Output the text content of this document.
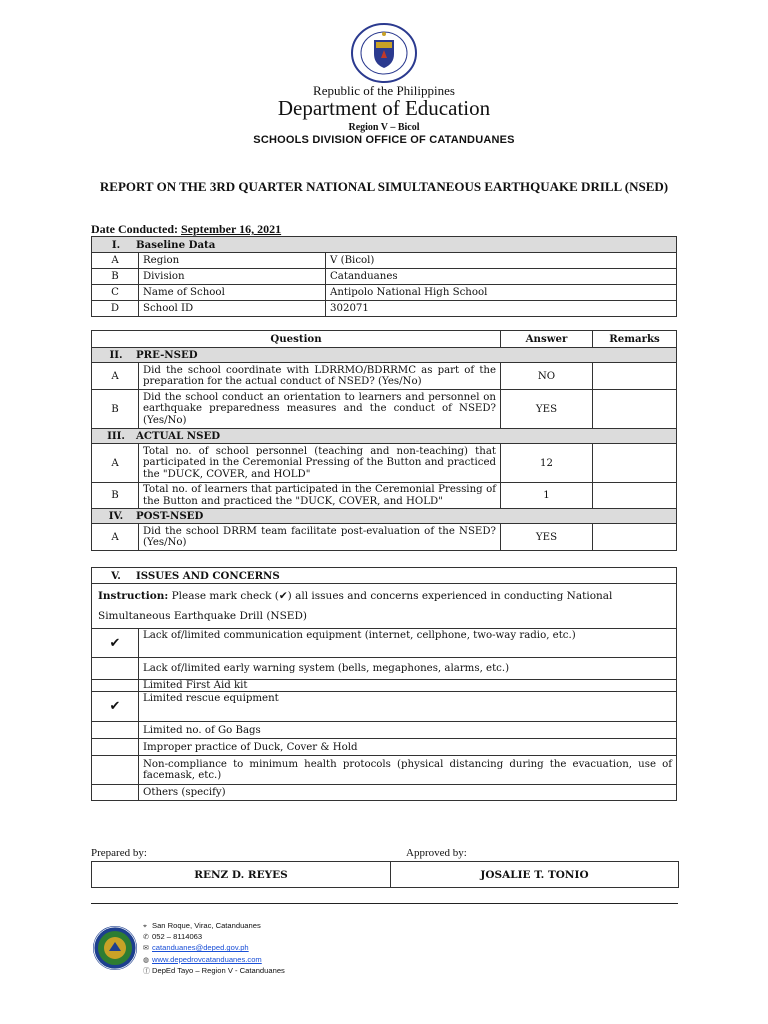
Republic of the Philippines
Department of Education
Region V – Bicol
SCHOOLS DIVISION OFFICE OF CATANDUANES
REPORT ON THE 3RD QUARTER NATIONAL SIMULTANEOUS EARTHQUAKE DRILL (NSED)
Date Conducted: September 16, 2021
I. Baseline Data		
A	Region	V (Bicol)
B	Division	Catanduanes
C	Name of School	Antipolo National High School
D	School ID	302071
Question		Answer	Remarks
II. PRE-NSED			
A	Did the school coordinate with LDRRMO/BDRRMC as part of the preparation for the actual conduct of NSED? (Yes/No)	NO	
B	Did the school conduct an orientation to learners and personnel on earthquake preparedness measures and the conduct of NSED? (Yes/No)	YES	
III. ACTUAL NSED			
A	Total no. of school personnel (teaching and non-teaching) that participated in the Ceremonial Pressing of the Button and practiced the "DUCK, COVER, and HOLD"	12	
B	Total no. of learners that participated in the Ceremonial Pressing of the Button and practiced the "DUCK, COVER, and HOLD"	1	
IV. POST-NSED			
A	Did the school DRRM team facilitate post-evaluation of the NSED? (Yes/No)	YES	
V. ISSUES AND CONCERNS	
Instruction: Please mark check (✔) all issues and concerns experienced in conducting National Simultaneous Earthquake Drill (NSED)	
✔	Lack of/limited communication equipment (internet, cellphone, two-way radio, etc.)
	Lack of/limited early warning system (bells, megaphones, alarms, etc.)
	Limited First Aid kit
✔	Limited rescue equipment
	Limited no. of Go Bags
	Improper practice of Duck, Cover & Hold
	Non-compliance to minimum health protocols (physical distancing during the evacuation, use of facemask, etc.)
	Others (specify)
Prepared by:	Approved by:
RENZ D. REYES	JOSALIE T. TONIO
⌖ San Roque, Virac, Catanduanes
✆ 052 – 8114063
✉ catanduanes@deped.gov.ph
◍ www.depedrovcatanduanes.com
ⓕ DepEd Tayo – Region V - Catanduanes
